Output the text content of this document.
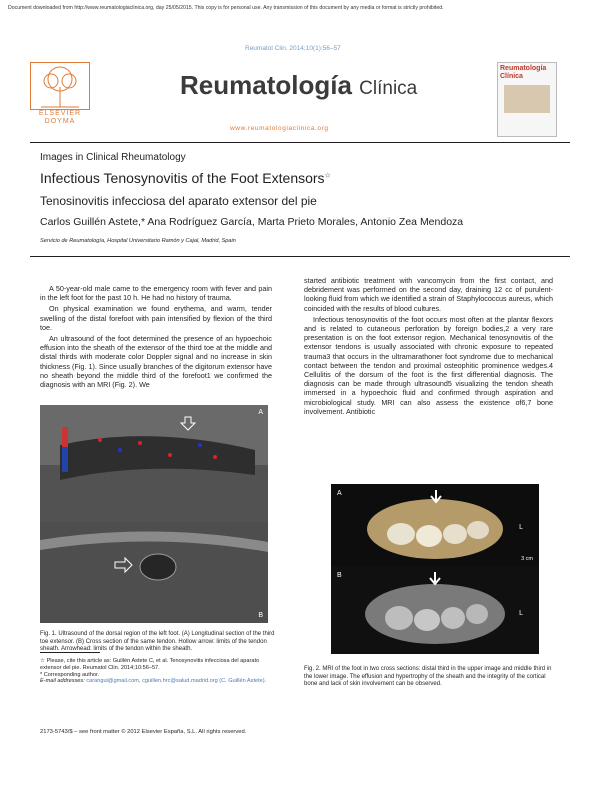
Document downloaded from http://www.reumatologiaclinica.org, day 25/05/2015. This copy is for personal use. Any transmission of this document by any media or format is strictly prohibited.
Reumatol Clin. 2014;10(1):56–57
ELSEVIER
DOYMA
Reumatología Clínica
www.reumatologiaclinica.org
Reumatología Clínica
Images in Clinical Rheumatology
Infectious Tenosynovitis of the Foot Extensors☆
Tenosinovitis infecciosa del aparato extensor del pie
Carlos Guillén Astete,* Ana Rodríguez García, Marta Prieto Morales, Antonio Zea Mendoza
Servicio de Reumatología, Hospital Universitario Ramón y Cajal, Madrid, Spain

A 50-year-old male came to the emergency room with fever and pain in the left foot for the past 10 h. He had no history of trauma.

On physical examination we found erythema, and warm, tender swelling of the distal forefoot with pain intensified by flexion of the third toe.

An ultrasound of the foot determined the presence of an hypoechoic effusion into the sheath of the extensor of the third toe at the middle and distal thirds with moderate color Doppler signal and no increase in skin thickness (Fig. 1). Since usually branches of the digitorum extensor have no sheath beyond the middle third of the forefoot1 we confirmed the diagnosis with an MRI (Fig. 2). We

started antibiotic treatment with vancomycin from the first contact, and debridement was performed on the second day, draining 12 cc of purulent-looking fluid from which we identified a strain of Staphylococcus aureus, which coincided with the results of blood cultures.

Infectious tenosynovitis of the foot occurs most often at the plantar flexors and is related to cutaneous perforation by foreign bodies,2 a very rare presentation is on the foot extensor region. Mechanical tenosynovitis of the extensor tendons is usually associated with chronic exposure to repeated trauma3 that occurs in the ultramarathoner foot syndrome due to mechanical contact between the tendon and proximal osteophitic prominence wedges.4 Cellulitis of the dorsum of the foot is the first differential diagnosis. The diagnosis can be made through ultrasound5 visualizing the tendon sheath immersed in a hypoechoic fluid and confirmed through aspiration and microbiological study. MRI can also assess the existence of6,7 bone involvement. Antibiotic

A
B
Fig. 1. Ultrasound of the dorsal region of the left foot. (A) Longitudinal section of the third toe extensor. (B) Cross section of the same tendon. Hollow arrow: limits of the tendon sheath. Arrowhead: limits of the tendon within the sheath.
A
L
3 cm
B
L
☆ Please, cite this article as: Guillén Astete C, et al. Tenosynovitis infecciosa del aparato extensor del pie. Reumatol Clin. 2014;10:56–57.
* Corresponding author.
E-mail addresses: carangui@gmail.com, cguillen.hrc@salud.madrid.org (C. Guillén Astete).
Fig. 2. MRI of the foot in two cross sections: distal third in the upper image and middle third in the lower image. The effusion and hypertrophy of the sheath and the integrity of the cortical bone and lack of skin involvement can be observed.
2173-5743/$ – see front matter © 2012 Elsevier España, S.L. All rights reserved.
